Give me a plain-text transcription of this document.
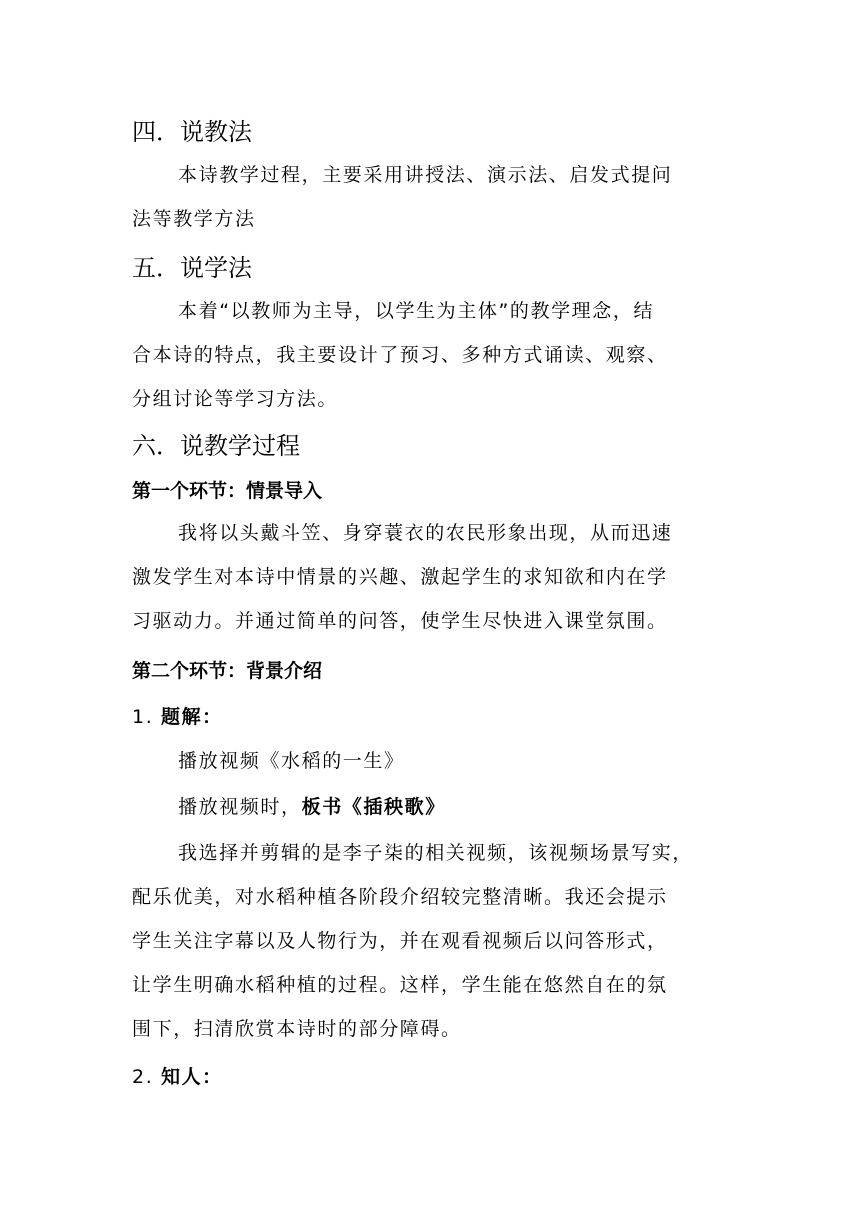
四．说教法
本诗教学过程，主要采用讲授法、演示法、启发式提问
法等教学方法
五．说学法
本着“以教师为主导，以学生为主体”的教学理念，结
合本诗的特点，我主要设计了预习、多种方式诵读、观察、
分组讨论等学习方法。
六．说教学过程
第一个环节：情景导入
我将以头戴斗笠、身穿蓑衣的农民形象出现，从而迅速
激发学生对本诗中情景的兴趣、激起学生的求知欲和内在学
习驱动力。并通过简单的问答，使学生尽快进入课堂氛围。
第二个环节：背景介绍
1. 题解：
播放视频《水稻的一生》
播放视频时，板书《插秧歌》
我选择并剪辑的是李子柒的相关视频，该视频场景写实，
配乐优美，对水稻种植各阶段介绍较完整清晰。我还会提示
学生关注字幕以及人物行为，并在观看视频后以问答形式，
让学生明确水稻种植的过程。这样，学生能在悠然自在的氛
围下，扫清欣赏本诗时的部分障碍。
2. 知人：
